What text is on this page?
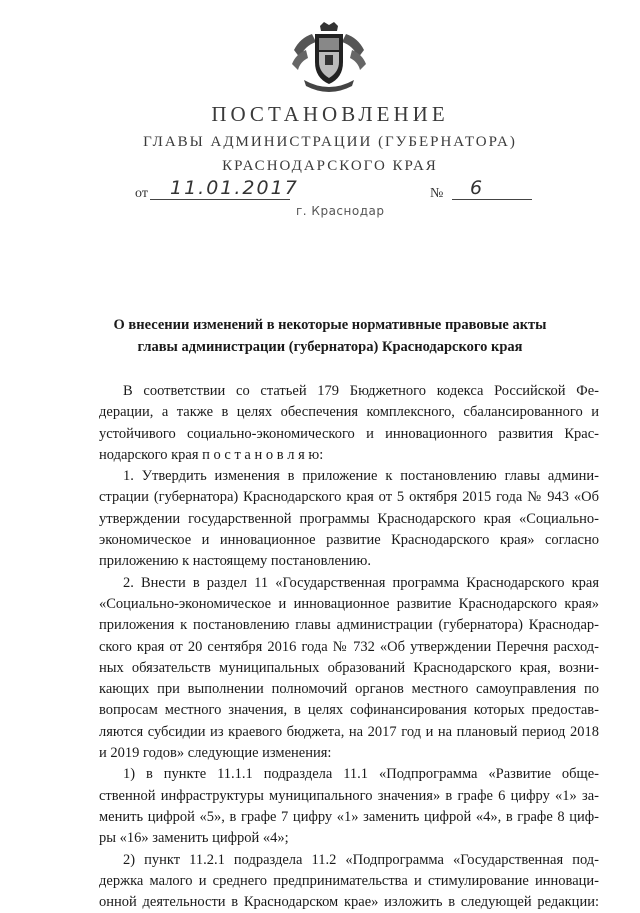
ПОСТАНОВЛЕНИЕ
ГЛАВЫ АДМИНИСТРАЦИИ (ГУБЕРНАТОРА)
КРАСНОДАРСКОГО КРАЯ
от 11.01.2017	№ 6
г. Краснодар
О внесении изменений в некоторые нормативные правовые акты
главы администрации (губернатора) Краснодарского края
В соответствии со статьей 179 Бюджетного кодекса Российской Фе-
дерации, а также в целях обеспечения комплексного, сбалансированного и
устойчивого социально-экономического и инновационного развития Крас-
нодарского края п о с т а н о в л я ю:
1. Утвердить изменения в приложение к постановлению главы админи-
страции (губернатора) Краснодарского края от 5 октября 2015 года № 943 «Об
утверждении государственной программы Краснодарского края «Социально-
экономическое и инновационное развитие Краснодарского края» согласно
приложению к настоящему постановлению.
2. Внести в раздел 11 «Государственная программа Краснодарского края
«Социально-экономическое и инновационное развитие Краснодарского края»
приложения к постановлению главы администрации (губернатора) Краснодар-
ского края от 20 сентября 2016 года № 732 «Об утверждении Перечня расход-
ных обязательств муниципальных образований Краснодарского края, возни-
кающих при выполнении полномочий органов местного самоуправления по
вопросам местного значения, в целях софинансирования которых предостав-
ляются субсидии из краевого бюджета, на 2017 год и на плановый период 2018
и 2019 годов» следующие изменения:
1) в пункте 11.1.1 подраздела 11.1 «Подпрограмма «Развитие обще-
ственной инфраструктуры муниципального значения» в графе 6 цифру «1» за-
менить цифрой «5», в графе 7 цифру «1» заменить цифрой «4», в графе 8 циф-
ры «16» заменить цифрой «4»;
2) пункт 11.2.1 подраздела 11.2 «Подпрограмма «Государственная под-
держка малого и среднего предпринимательства и стимулирование инноваци-
онной деятельности в Краснодарском крае» изложить в следующей редакции:
